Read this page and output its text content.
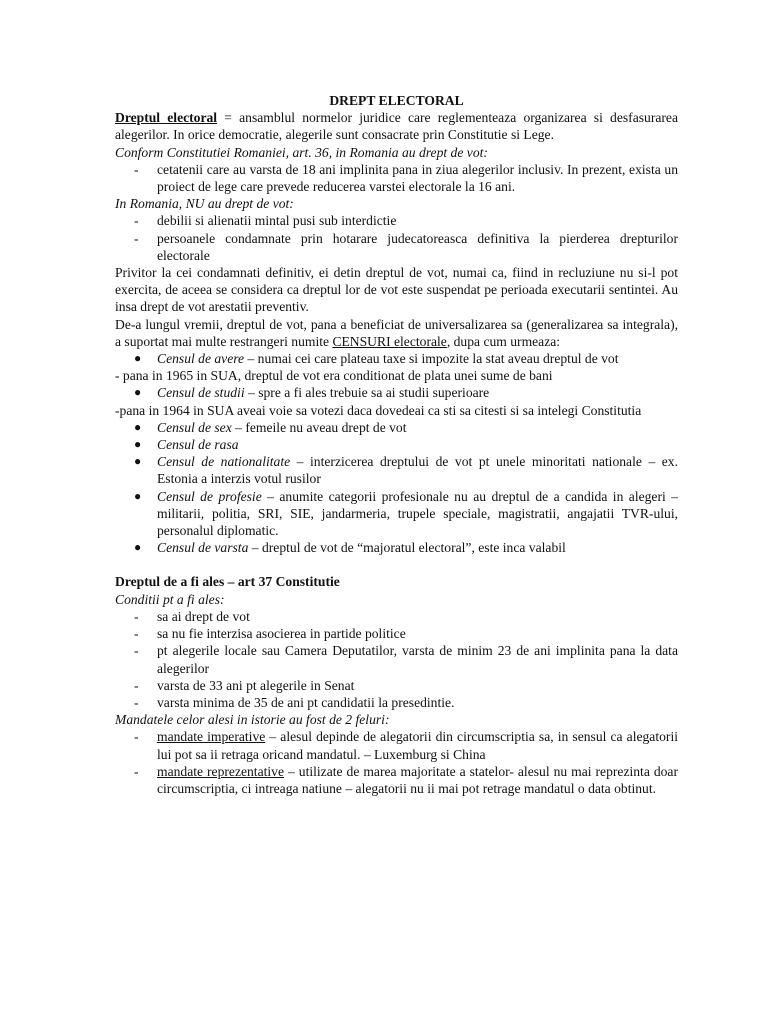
DREPT ELECTORAL

Dreptul electoral = ansamblul normelor juridice care reglementeaza organizarea si desfasurarea alegerilor. In orice democratie, alegerile sunt consacrate prin Constitutie si Lege.

Conform Constitutiei Romaniei, art. 36, in Romania au drept de vot:

- cetatenii care au varsta de 18 ani implinita pana in ziua alegerilor inclusiv. In prezent, exista un proiect de lege care prevede reducerea varstei electorale la 16 ani.

In Romania, NU au drept de vot:

- debilii si alienatii mintal pusi sub interdictie
- persoanele condamnate prin hotarare judecatoreasca definitiva la pierderea drepturilor electorale

Privitor la cei condamnati definitiv, ei detin dreptul de vot, numai ca, fiind in recluziune nu si-l pot exercita, de aceea se considera ca dreptul lor de vot este suspendat pe perioada executarii sentintei. Au insa drept de vot arestatii preventiv.

De-a lungul vremii, dreptul de vot, pana a beneficiat de universalizarea sa (generalizarea sa integrala), a suportat mai multe restrangeri numite CENSURI electorale, dupa cum urmeaza:

● Censul de avere – numai cei care plateau taxe si impozite la stat aveau dreptul de vot

- pana in 1965 in SUA, dreptul de vot era conditionat de plata unei sume de bani

● Censul de studii – spre a fi ales trebuie sa ai studii superioare

-pana in 1964 in SUA aveai voie sa votezi daca dovedeai ca sti sa citesti si sa intelegi Constitutia

● Censul de sex – femeile nu aveau drept de vot
● Censul de rasa
● Censul de nationalitate – interzicerea dreptului de vot pt unele minoritati nationale – ex. Estonia a interzis votul rusilor
● Censul de profesie – anumite categorii profesionale nu au dreptul de a candida in alegeri – militarii, politia, SRI, SIE, jandarmeria, trupele speciale, magistratii, angajatii TVR-ului, personalul diplomatic.
● Censul de varsta – dreptul de vot de “majoratul electoral”, este inca valabil

Dreptul de a fi ales – art 37 Constitutie

Conditii pt a fi ales:

- sa ai drept de vot
- sa nu fie interzisa asocierea in partide politice
- pt alegerile locale sau Camera Deputatilor, varsta de minim 23 de ani implinita pana la data alegerilor
- varsta de 33 ani pt alegerile in Senat
- varsta minima de 35 de ani pt candidatii la presedintie.

Mandatele celor alesi in istorie au fost de 2 feluri:

- mandate imperative – alesul depinde de alegatorii din circumscriptia sa, in sensul ca alegatorii lui pot sa ii retraga oricand mandatul. – Luxemburg si China
- mandate reprezentative – utilizate de marea majoritate a statelor- alesul nu mai reprezinta doar circumscriptia, ci intreaga natiune – alegatorii nu ii mai pot retrage mandatul o data obtinut.
